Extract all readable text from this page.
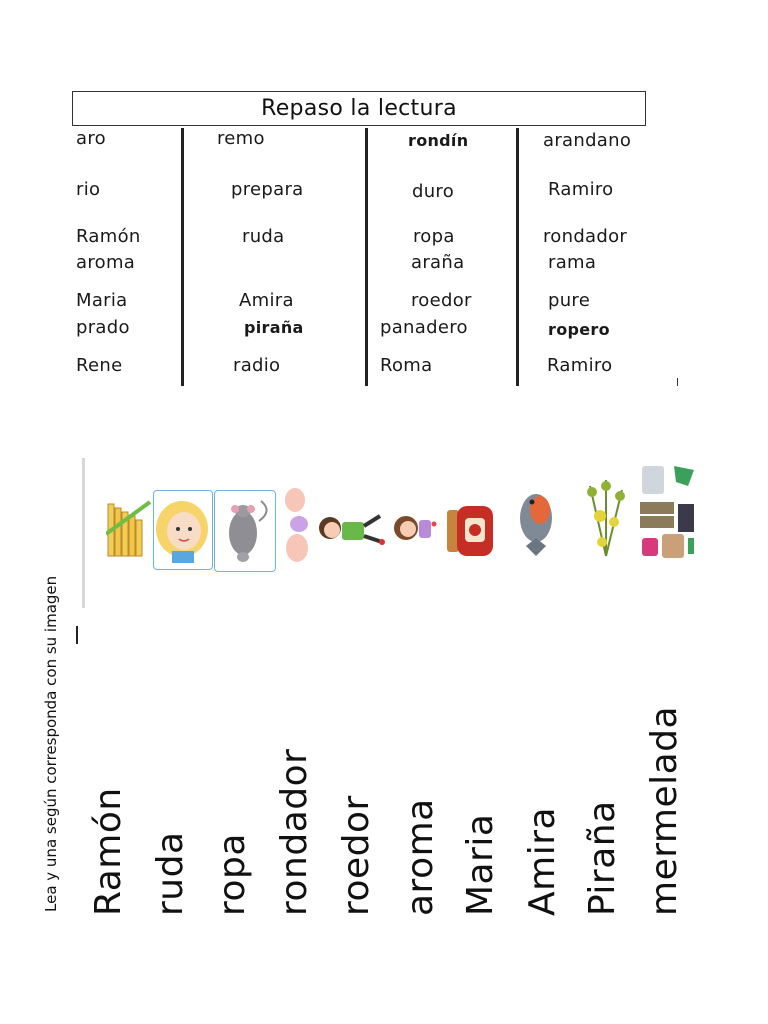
Repaso la lectura
aro
rio
Ramón
aroma
Maria
prado
Rene
remo
prepara
ruda
Amira
piraña
radio
rondín
duro
ropa
araña
roedor
panadero
Roma
arandano
Ramiro
rondador
rama
pure
ropero
Ramiro
Lea y una según corresponda con su imagen Ramón ruda ropa rondador roedor aroma Maria Amira Piraña mermelada
